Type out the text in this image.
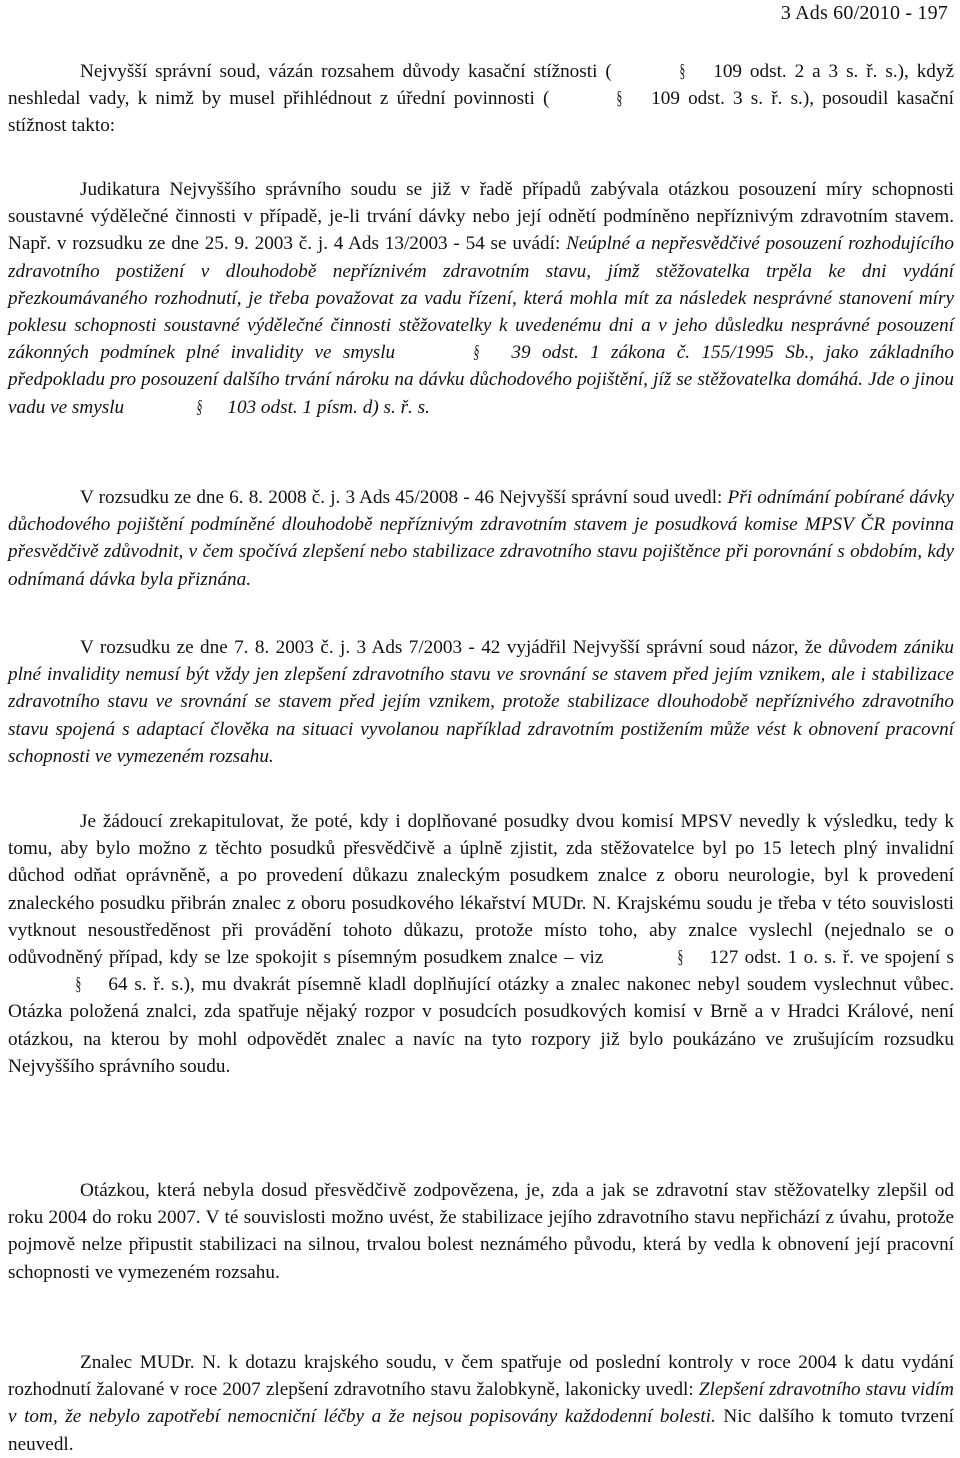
3 Ads 60/2010 - 197

Nejvyšší správní soud, vázán rozsahem důvody kasační stížnosti (	§ 109 odst. 2 a 3 s. ř. s.), když neshledal vady, k nimž by musel přihlédnout z úřední povinnosti (	§ 109 odst. 3 s. ř. s.), posoudil kasační stížnost takto:

Judikatura Nejvyššího správního soudu se již v řadě případů zabývala otázkou posouzení míry schopnosti soustavné výdělečné činnosti v případě, je-li trvání dávky nebo její odnětí podmíněno nepříznivým zdravotním stavem. Např. v rozsudku ze dne 25. 9. 2003 č. j. 4 Ads 13/2003 - 54 se uvádí: Neúplné a nepřesvědčivé posouzení rozhodujícího zdravotního postižení v dlouhodobě nepříznivém zdravotním stavu, jímž stěžovatelka trpěla ke dni vydání přezkoumávaného rozhodnutí, je třeba považovat za vadu řízení, která mohla mít za následek nesprávné stanovení míry poklesu schopnosti soustavné výdělečné činnosti stěžovatelky k uvedenému dni a v jeho důsledku nesprávné posouzení zákonných podmínek plné invalidity ve smyslu	§ 39 odst. 1 zákona č. 155/1995 Sb., jako základního předpokladu pro posouzení dalšího trvání nároku na dávku důchodového pojištění, jíž se stěžovatelka domáhá. Jde o jinou vadu ve smyslu	§ 103 odst. 1 písm. d) s. ř. s.

V rozsudku ze dne 6. 8. 2008 č. j. 3 Ads 45/2008 - 46 Nejvyšší správní soud uvedl: Při odnímání pobírané dávky důchodového pojištění podmíněné dlouhodobě nepříznivým zdravotním stavem je posudková komise MPSV ČR povinna přesvědčivě zdůvodnit, v čem spočívá zlepšení nebo stabilizace zdravotního stavu pojištěnce při porovnání s obdobím, kdy odnímaná dávka byla přiznána.

V rozsudku ze dne 7. 8. 2003 č. j. 3 Ads 7/2003 - 42 vyjádřil Nejvyšší správní soud názor, že důvodem zániku plné invalidity nemusí být vždy jen zlepšení zdravotního stavu ve srovnání se stavem před jejím vznikem, ale i stabilizace zdravotního stavu ve srovnání se stavem před jejím vznikem, protože stabilizace dlouhodobě nepříznivého zdravotního stavu spojená s adaptací člověka na situaci vyvolanou například zdravotním postižením může vést k obnovení pracovní schopnosti ve vymezeném rozsahu.

Je žádoucí zrekapitulovat, že poté, kdy i doplňované posudky dvou komisí MPSV nevedly k výsledku, tedy k tomu, aby bylo možno z těchto posudků přesvědčivě a úplně zjistit, zda stěžovatelce byl po 15 letech plný invalidní důchod odňat oprávněně, a po provedení důkazu znaleckým posudkem znalce z oboru neurologie, byl k provedení znaleckého posudku přibrán znalec z oboru posudkového lékařství MUDr. N. Krajskému soudu je třeba v této souvislosti vytknout nesoustředěnost při provádění tohoto důkazu, protože místo toho, aby znalce vyslechl (nejednalo se o odůvodněný případ, kdy se lze spokojit s písemným posudkem znalce – viz	§ 127 odst. 1 o. s. ř. ve spojení s § 64 s. ř. s.), mu dvakrát písemně kladl doplňující otázky a znalec nakonec nebyl soudem vyslechnut vůbec. Otázka položená znalci, zda spatřuje nějaký rozpor v posudcích posudkových komisí v Brně a v Hradci Králové, není otázkou, na kterou by mohl odpovědět znalec a navíc na tyto rozpory již bylo poukázáno ve zrušujícím rozsudku Nejvyššího správního soudu.

Otázkou, která nebyla dosud přesvědčivě zodpovězena, je, zda a jak se zdravotní stav stěžovatelky zlepšil od roku 2004 do roku 2007. V té souvislosti možno uvést, že stabilizace jejího zdravotního stavu nepřichází z úvahu, protože pojmově nelze připustit stabilizaci na silnou, trvalou bolest neznámého původu, která by vedla k obnovení její pracovní schopnosti ve vymezeném rozsahu.

Znalec MUDr. N. k dotazu krajského soudu, v čem spatřuje od poslední kontroly v roce 2004 k datu vydání rozhodnutí žalované v roce 2007 zlepšení zdravotního stavu žalobkyně, lakonicky uvedl: Zlepšení zdravotního stavu vidím v tom, že nebylo zapotřebí nemocniční léčby a že nejsou popisovány každodenní bolesti. Nic dalšího k tomuto tvrzení neuvedl.
